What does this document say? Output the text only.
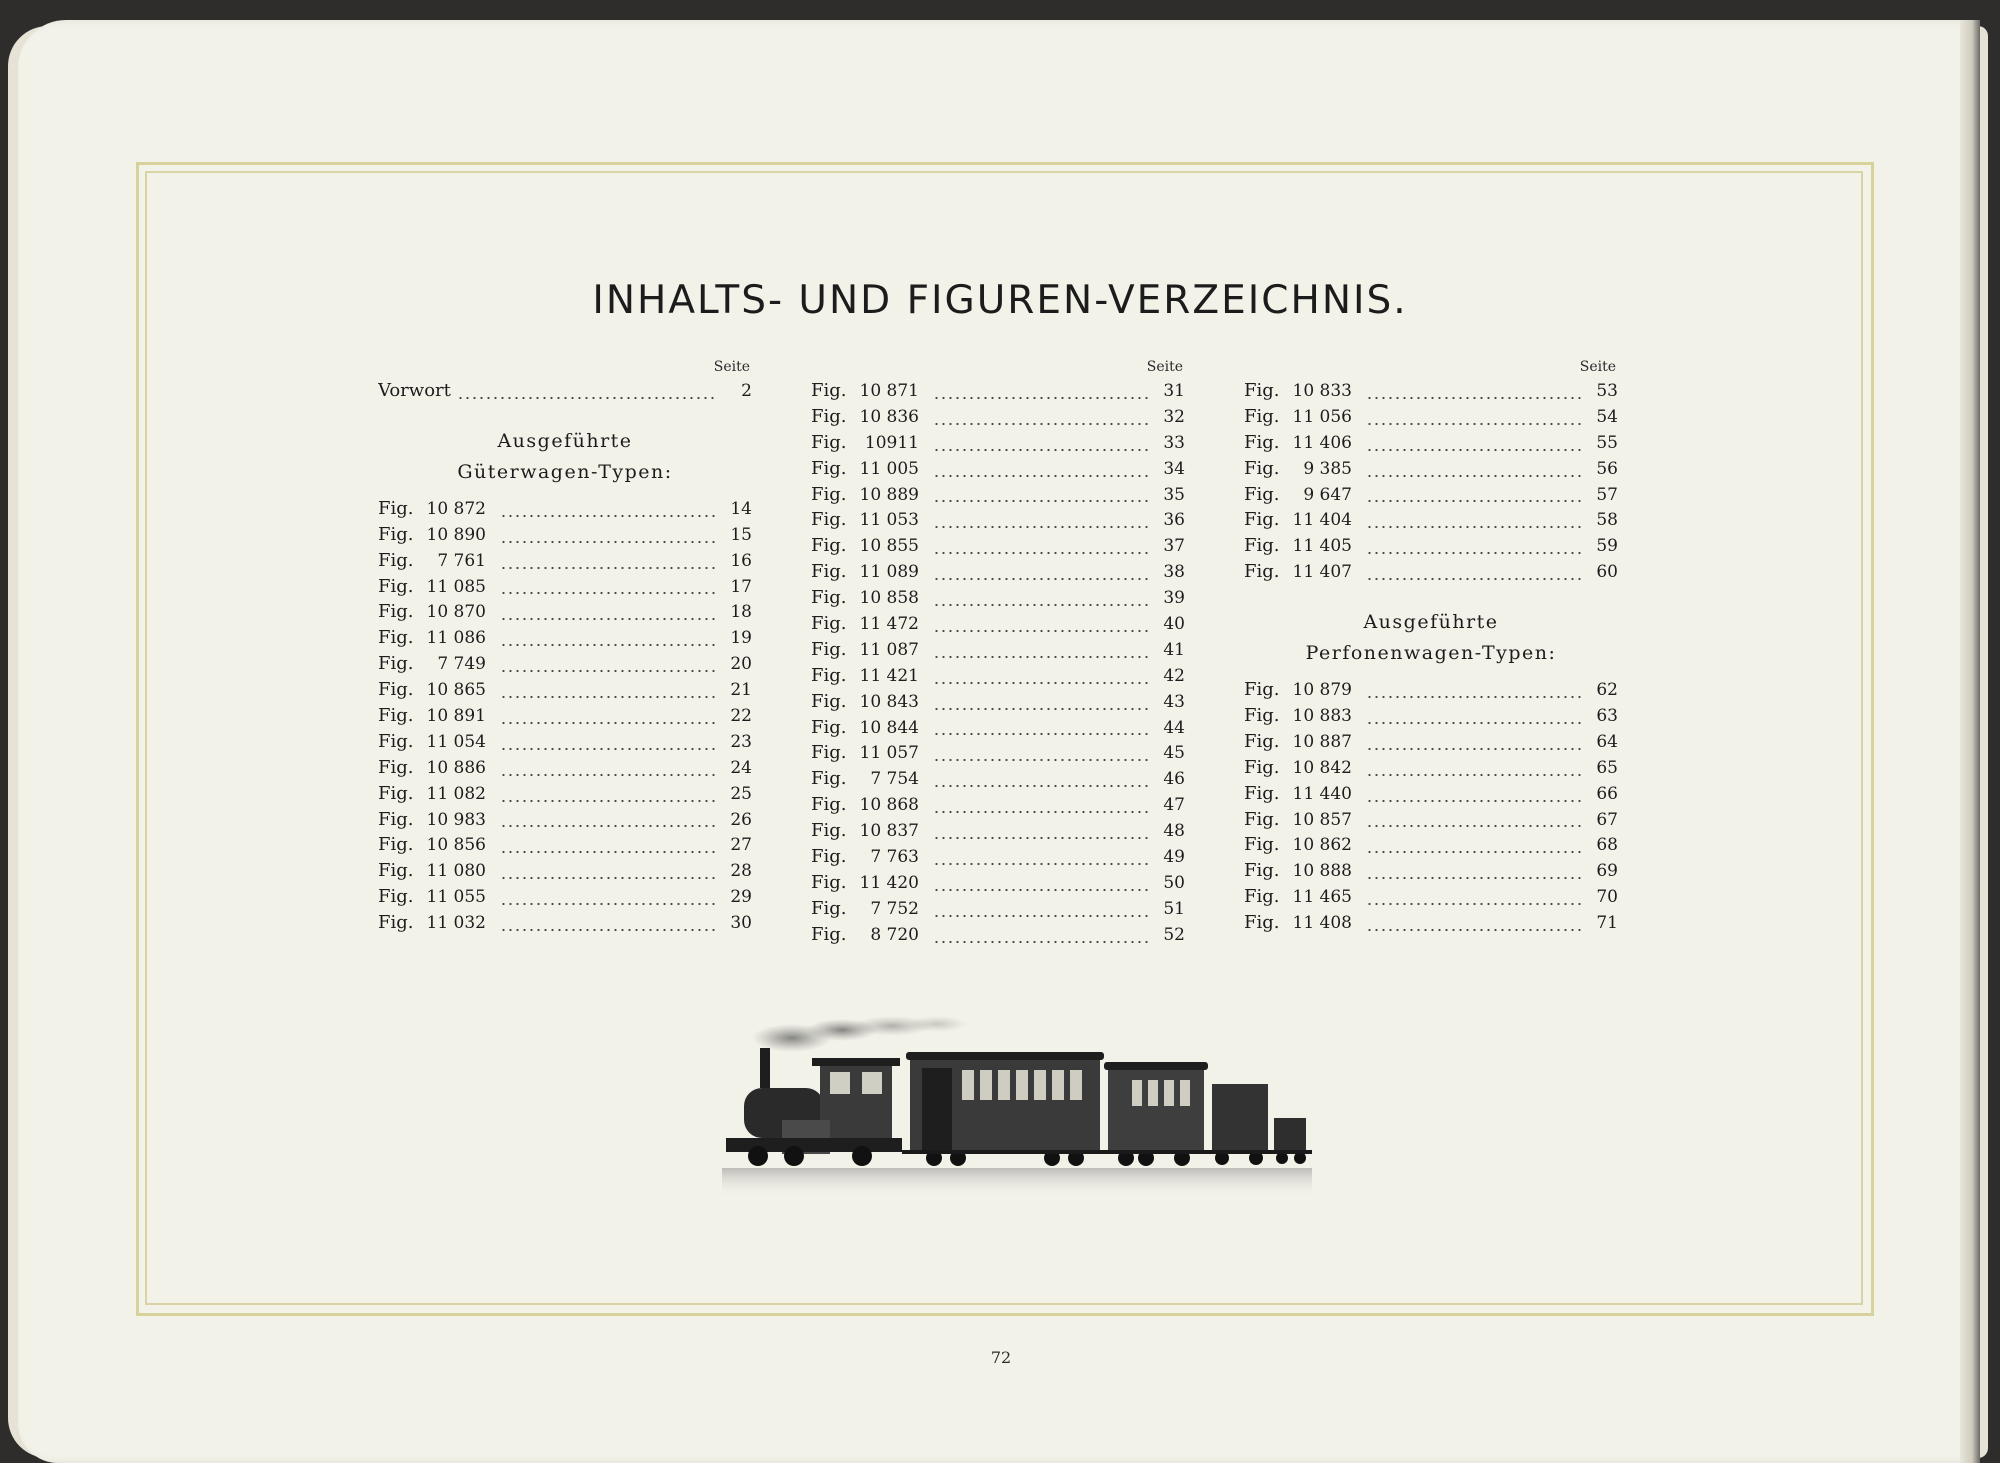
INHALTS- UND FIGUREN-VERZEICHNIS.
Seite
Vorwort	2
Ausgeführte
Güterwagen-Typen:
Fig. 10 872	14
Fig. 10 890	15
Fig.	7 761	16
Fig. 11 085	17
Fig. 10 870	18
Fig. 11 086	19
Fig.	7 749	20
Fig. 10 865	21
Fig. 10 891	22
Fig. 11 054	23
Fig. 10 886	24
Fig. 11 082	25
Fig. 10 983	26
Fig. 10 856	27
Fig. 11 080	28
Fig. 11 055	29
Fig. 11 032	30
Seite
Fig. 10 871	31
Fig. 10 836	32
Fig.	10911	33
Fig. 11 005	34
Fig. 10 889	35
Fig. 11 053	36
Fig. 10 855	37
Fig. 11 089	38
Fig. 10 858	39
Fig. 11 472	40
Fig. 11 087	41
Fig. 11 421	42
Fig. 10 843	43
Fig. 10 844	44
Fig. 11 057	45
Fig.	7 754	46
Fig. 10 868	47
Fig. 10 837	48
Fig.	7 763	49
Fig. 11 420	50
Fig.	7 752	51
Fig.	8 720	52
Seite
Fig. 10 833	53
Fig. 11 056	54
Fig. 11 406	55
Fig.	9 385	56
Fig.	9 647	57
Fig. 11 404	58
Fig. 11 405	59
Fig. 11 407	60
Ausgeführte
Perfonenwagen-Typen:
Fig. 10 879	62
Fig. 10 883	63
Fig. 10 887	64
Fig. 10 842	65
Fig. 11 440	66
Fig. 10 857	67
Fig. 10 862	68
Fig. 10 888	69
Fig. 11 465	70
Fig. 11 408	71
72
